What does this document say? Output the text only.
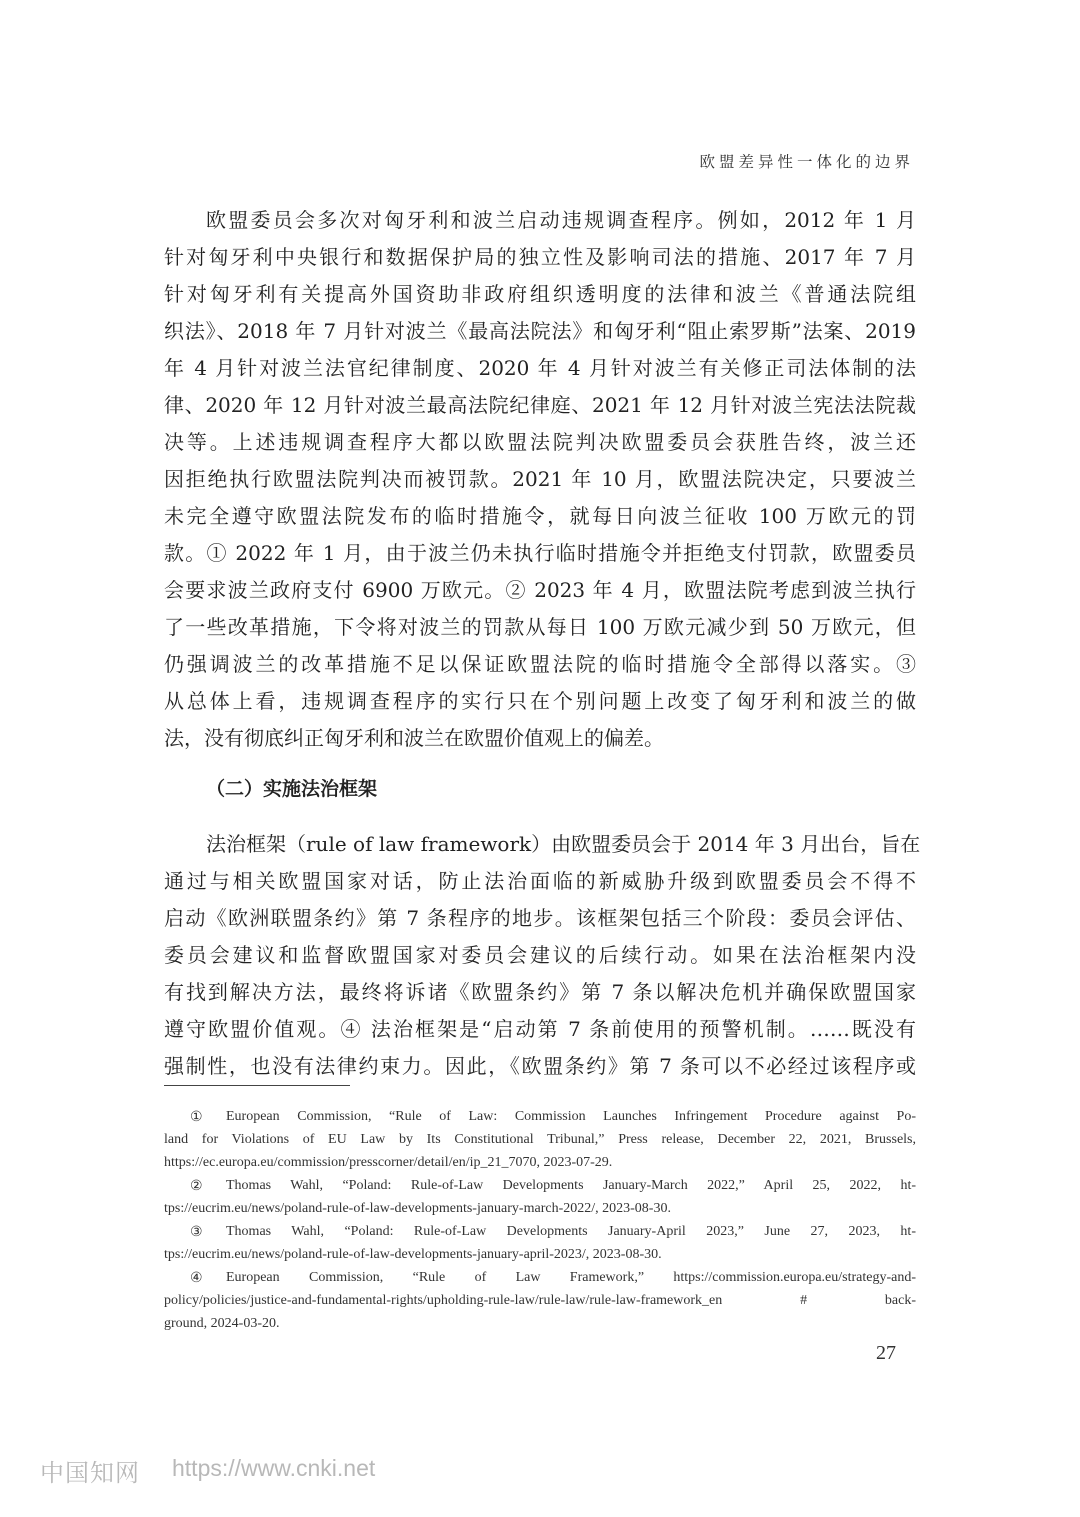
欧盟差异性一体化的边界
欧盟委员会多次对匈牙利和波兰启动违规调查程序。例如，2012 年 1 月
针对匈牙利中央银行和数据保护局的独立性及影响司法的措施、2017 年 7 月
针对匈牙利有关提高外国资助非政府组织透明度的法律和波兰《普通法院组
织法》、2018 年 7 月针对波兰《最高法院法》和匈牙利“阻止索罗斯”法案、2019
年 4 月针对波兰法官纪律制度、2020 年 4 月针对波兰有关修正司法体制的法
律、2020 年 12 月针对波兰最高法院纪律庭、2021 年 12 月针对波兰宪法法院裁
决等。上述违规调查程序大都以欧盟法院判决欧盟委员会获胜告终，波兰还
因拒绝执行欧盟法院判决而被罚款。2021 年 10 月，欧盟法院决定，只要波兰
未完全遵守欧盟法院发布的临时措施令，就每日向波兰征收 100 万欧元的罚
款。① 2022 年 1 月，由于波兰仍未执行临时措施令并拒绝支付罚款，欧盟委员
会要求波兰政府支付 6900 万欧元。② 2023 年 4 月，欧盟法院考虑到波兰执行
了一些改革措施，下令将对波兰的罚款从每日 100 万欧元减少到 50 万欧元，但
仍强调波兰的改革措施不足以保证欧盟法院的临时措施令全部得以落实。③
从总体上看，违规调查程序的实行只在个别问题上改变了匈牙利和波兰的做
法，没有彻底纠正匈牙利和波兰在欧盟价值观上的偏差。
（二）实施法治框架
法治框架（rule of law framework）由欧盟委员会于 2014 年 3 月出台，旨在
通过与相关欧盟国家对话，防止法治面临的新威胁升级到欧盟委员会不得不
启动《欧洲联盟条约》第 7 条程序的地步。该框架包括三个阶段：委员会评估、
委员会建议和监督欧盟国家对委员会建议的后续行动。如果在法治框架内没
有找到解决方法，最终将诉诸《欧盟条约》第 7 条以解决危机并确保欧盟国家
遵守欧盟价值观。④ 法治框架是“启动第 7 条前使用的预警机制。……既没有
强制性，也没有法律约束力。因此，《欧盟条约》第 7 条可以不必经过该程序或
①	European Commission, “Rule of Law: Commission Launches Infringement Procedure against Po-
land for Violations of EU Law by Its Constitutional Tribunal,” Press release, December 22, 2021, Brussels,
https://ec.europa.eu/commission/presscorner/detail/en/ip_21_7070, 2023-07-29.
②	Thomas Wahl, “Poland: Rule-of-Law Developments January-March 2022,” April 25, 2022, ht-
tps://eucrim.eu/news/poland-rule-of-law-developments-january-march-2022/, 2023-08-30.
③	Thomas Wahl, “Poland: Rule-of-Law Developments January-April 2023,” June 27, 2023, ht-
tps://eucrim.eu/news/poland-rule-of-law-developments-january-april-2023/, 2023-08-30.
④	European Commission, “Rule of Law Framework,” https://commission.europa.eu/strategy-and-
policy/policies/justice-and-fundamental-rights/upholding-rule-law/rule-law/rule-law-framework_en # back-
ground, 2024-03-20.
27
中国知网 https://www.cnki.net
